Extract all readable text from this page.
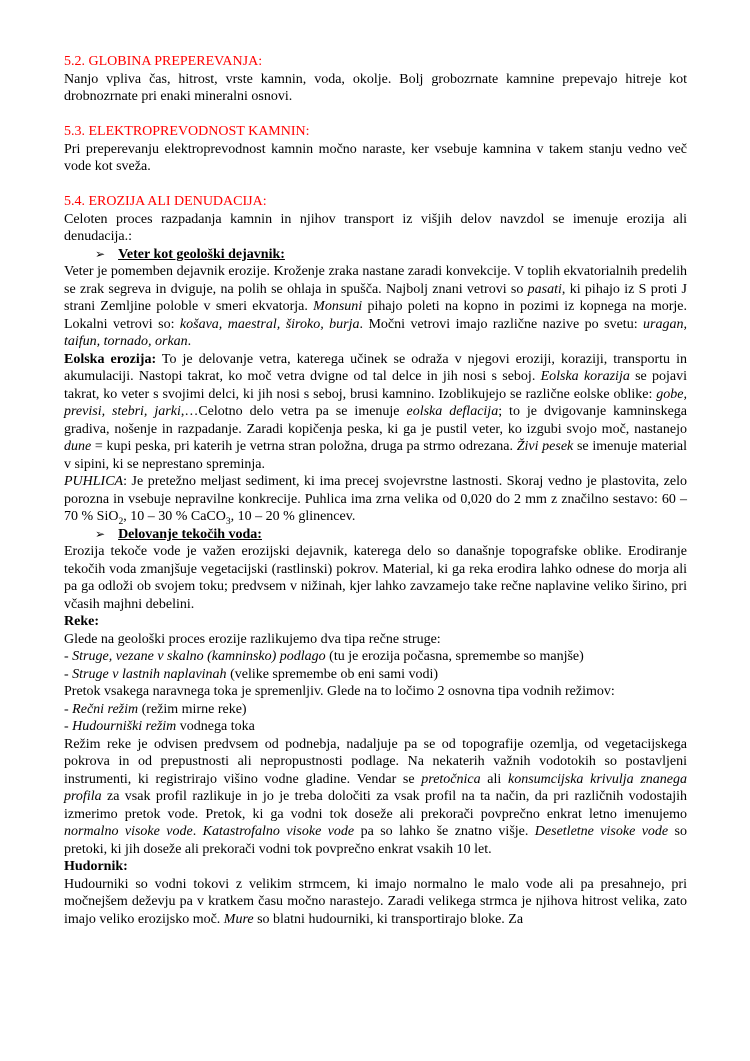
5.2. GLOBINA PREPEREVANJA:
Nanjo vpliva čas, hitrost, vrste kamnin, voda, okolje. Bolj grobozrnate kamnine prepevajo hitreje kot drobnozrnate pri enaki mineralni osnovi.
5.3. ELEKTROPREVODNOST KAMNIN:
Pri preperevanju elektroprevodnost kamnin močno naraste, ker vsebuje kamnina v takem stanju vedno več vode kot sveža.
5.4. EROZIJA ALI DENUDACIJA:
Celoten proces razpadanja kamnin in njihov transport iz višjih delov navzdol se imenuje erozija ali denudacija.:
➢ Veter kot geološki dejavnik:
Veter je pomemben dejavnik erozije. Kroženje zraka nastane zaradi konvekcije. V toplih ekvatorialnih predelih se zrak segreva in dviguje, na polih se ohlaja in spušča. Najbolj znani vetrovi so pasati, ki pihajo iz S proti J strani Zemljine poloble v smeri ekvatorja. Monsuni pihajo poleti na kopno in pozimi iz kopnega na morje. Lokalni vetrovi so: košava, maestral, široko, burja. Močni vetrovi imajo različne nazive po svetu: uragan, taifun, tornado, orkan.
Eolska erozija: To je delovanje vetra, katerega učinek se odraža v njegovi eroziji, koraziji, transportu in akumulaciji. Nastopi takrat, ko moč vetra dvigne od tal delce in jih nosi s seboj. Eolska korazija se pojavi takrat, ko veter s svojimi delci, ki jih nosi s seboj, brusi kamnino. Izoblikujejo se različne eolske oblike: gobe, previsi, stebri, jarki,…Celotno delo vetra pa se imenuje eolska deflacija; to je dvigovanje kamninskega gradiva, nošenje in razpadanje. Zaradi kopičenja peska, ki ga je pustil veter, ko izgubi svojo moč, nastanejo dune = kupi peska, pri katerih je vetrna stran položna, druga pa strmo odrezana. Živi pesek se imenuje material v sipini, ki se neprestano spreminja.
PUHLICA: Je pretežno meljast sediment, ki ima precej svojevrstne lastnosti. Skoraj vedno je plastovita, zelo porozna in vsebuje nepravilne konkrecije. Puhlica ima zrna velika od 0,020 do 2 mm z značilno sestavo: 60 – 70 % SiO$_2$, 10 – 30 % CaCO$_3$, 10 – 20 % glinencev.
➢ Delovanje tekočih voda:
Erozija tekoče vode je važen erozijski dejavnik, katerega delo so današnje topografske oblike. Erodiranje tekočih voda zmanjšuje vegetacijski (rastlinski) pokrov. Material, ki ga reka erodira lahko odnese do morja ali pa ga odloži ob svojem toku; predvsem v nižinah, kjer lahko zavzamejo take rečne naplavine veliko širino, pri včasih majhni debelini.
Reke:
Glede na geološki proces erozije razlikujemo dva tipa rečne struge:
- Struge, vezane v skalno (kamninsko) podlago (tu je erozija počasna, spremembe so manjše)
- Struge v lastnih naplavinah (velike spremembe ob eni sami vodi)
Pretok vsakega naravnega toka je spremenljiv. Glede na to ločimo 2 osnovna tipa vodnih režimov:
- Rečni režim (režim mirne reke)
- Hudourniški režim vodnega toka
Režim reke je odvisen predvsem od podnebja, nadaljuje pa se od topografije ozemlja, od vegetacijskega pokrova in od prepustnosti ali nepropustnosti podlage. Na nekaterih važnih vodotokih so postavljeni instrumenti, ki registrirajo višino vodne gladine. Vendar se pretočnica ali konsumcijska krivulja znanega profila za vsak profil razlikuje in jo je treba določiti za vsak profil na ta način, da pri različnih vodostajih izmerimo pretok vode. Pretok, ki ga vodni tok doseže ali prekorači povprečno enkrat letno imenujemo normalno visoke vode. Katastrofalno visoke vode pa so lahko še znatno višje. Desetletne visoke vode so pretoki, ki jih doseže ali prekorači vodni tok povprečno enkrat vsakih 10 let.
Hudornik:
Hudourniki so vodni tokovi z velikim strmcem, ki imajo normalno le malo vode ali pa presahnejo, pri močnejšem deževju pa v kratkem času močno narastejo. Zaradi velikega strmca je njihova hitrost velika, zato imajo veliko erozijsko moč. Mure so blatni hudourniki, ki transportirajo bloke. Za
